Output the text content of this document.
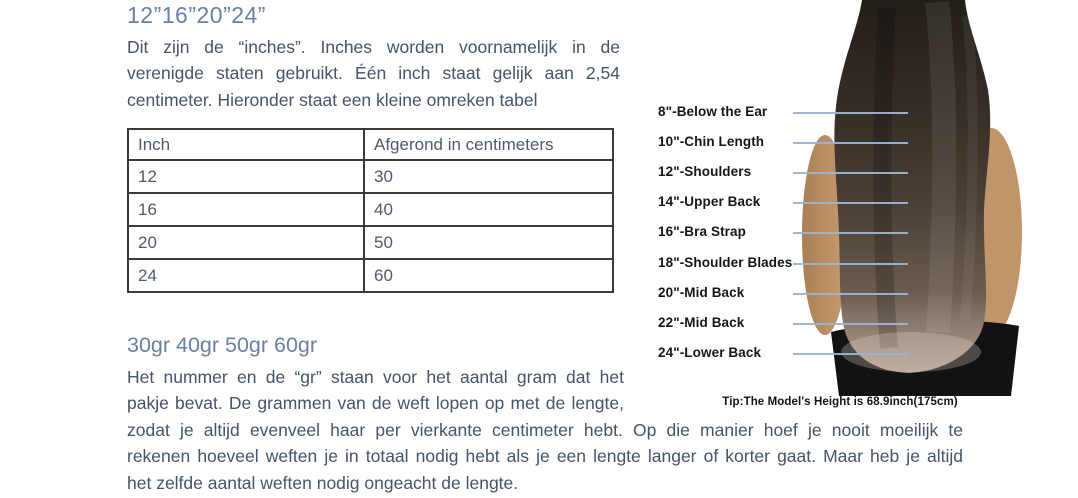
12”16”20”24”
Dit zijn de “inches”. Inches worden voornamelijk in de
verenigde staten gebruikt. Één inch staat gelijk aan 2,54
centimeter. Hieronder staat een kleine omreken tabel
Inch	Afgerond in centimeters
12	30
16	40
20	50
24	60
30gr 40gr 50gr 60gr
Het nummer en de “gr” staan voor het aantal gram dat het
pakje bevat. De grammen van de weft lopen op met de lengte,
zodat je altijd evenveel haar per vierkante centimeter hebt. Op die manier hoef je nooit moeilijk te
rekenen hoeveel weften je in totaal nodig hebt als je een lengte langer of korter gaat. Maar heb je altijd
het zelfde aantal weften nodig ongeacht de lengte.
8"-Below the Ear
10"-Chin Length
12"-Shoulders
14"-Upper Back
16"-Bra Strap
18"-Shoulder Blades
20"-Mid Back
22"-Mid Back
24"-Lower Back
Tip:The Model's Height is 68.9inch(175cm)
